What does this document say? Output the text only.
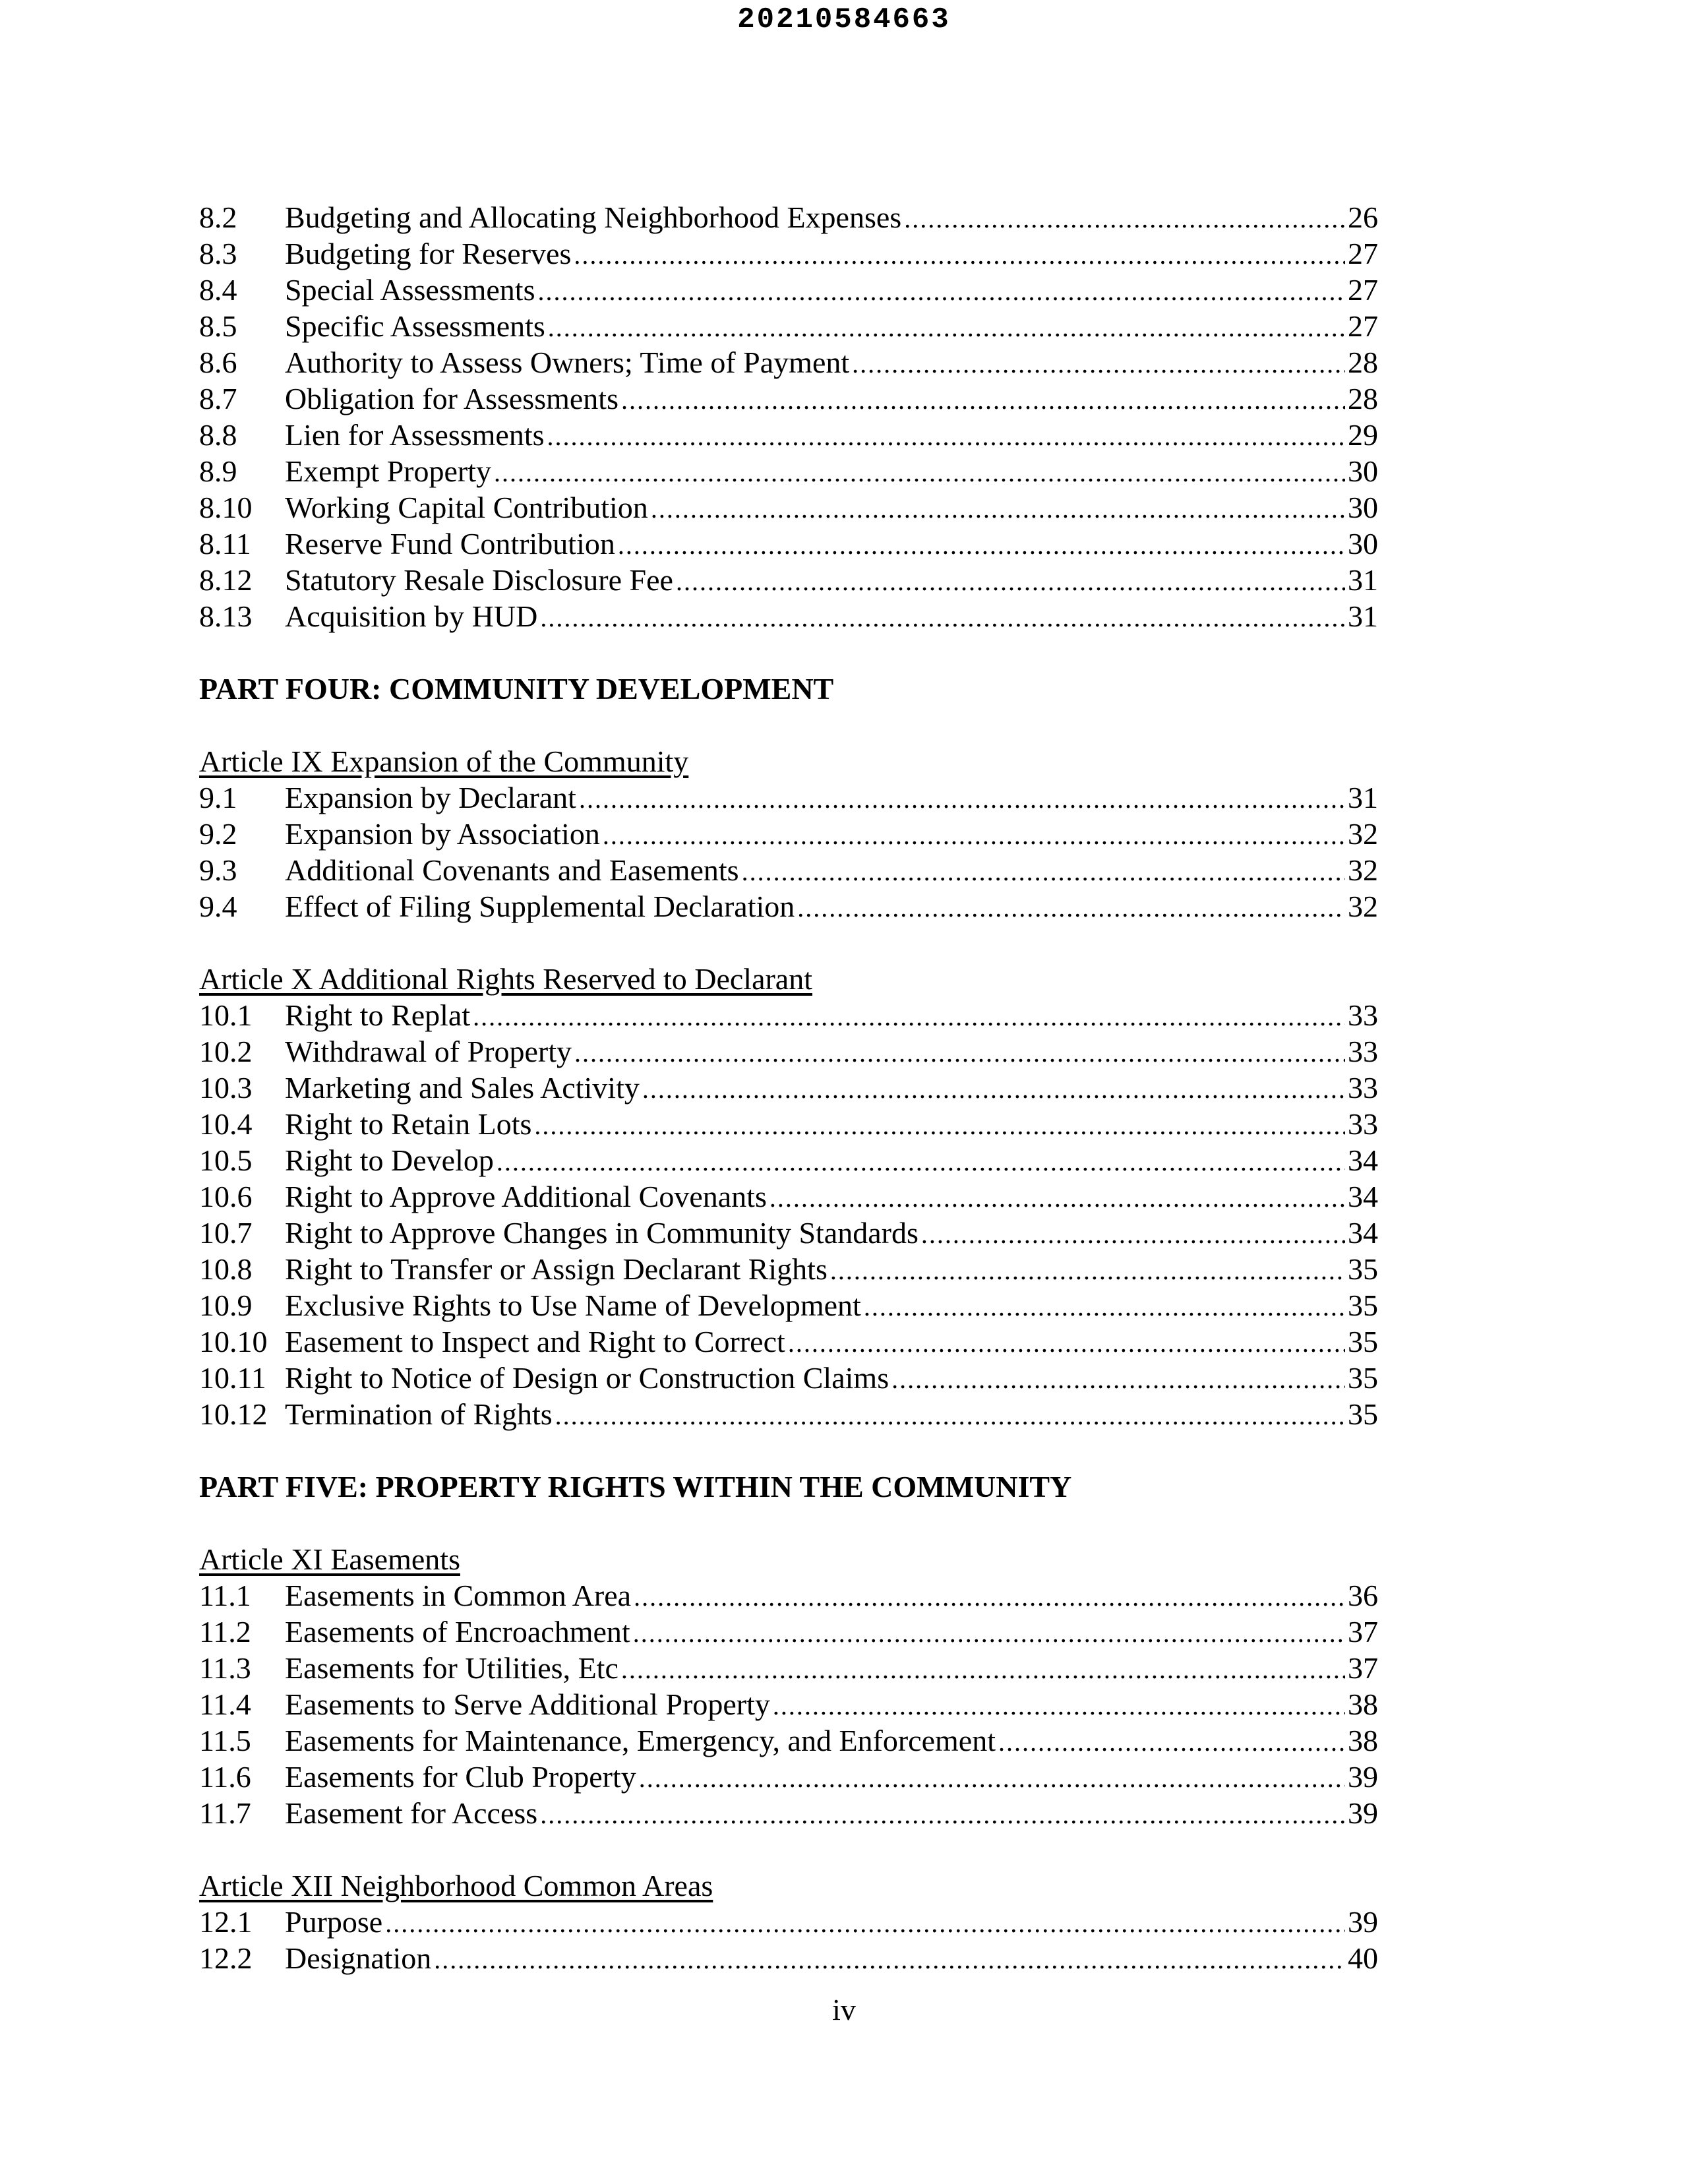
20210584663
8.2	Budgeting and Allocating Neighborhood Expenses .....	26
8.3	Budgeting for Reserves .....	27
8.4	Special Assessments .....	27
8.5	Specific Assessments .....	27
8.6	Authority to Assess Owners; Time of Payment .....	28
8.7	Obligation for Assessments .....	28
8.8	Lien for Assessments .....	29
8.9	Exempt Property .....	30
8.10	Working Capital Contribution .....	30
8.11	Reserve Fund Contribution .....	30
8.12	Statutory Resale Disclosure Fee .....	31
8.13	Acquisition by HUD .....	31
PART FOUR: COMMUNITY DEVELOPMENT
Article IX Expansion of the Community
9.1	Expansion by Declarant .....	31
9.2	Expansion by Association .....	32
9.3	Additional Covenants and Easements .....	32
9.4	Effect of Filing Supplemental Declaration .....	32
Article X Additional Rights Reserved to Declarant
10.1	Right to Replat .....	33
10.2	Withdrawal of Property .....	33
10.3	Marketing and Sales Activity .....	33
10.4	Right to Retain Lots .....	33
10.5	Right to Develop .....	34
10.6	Right to Approve Additional Covenants .....	34
10.7	Right to Approve Changes in Community Standards .....	34
10.8	Right to Transfer or Assign Declarant Rights .....	35
10.9	Exclusive Rights to Use Name of Development .....	35
10.10 Easement to Inspect and Right to Correct .....	35
10.11 Right to Notice of Design or Construction Claims .....	35
10.12 Termination of Rights .....	35
PART FIVE: PROPERTY RIGHTS WITHIN THE COMMUNITY
Article XI Easements
11.1	Easements in Common Area .....	36
11.2	Easements of Encroachment .....	37
11.3	Easements for Utilities, Etc .....	37
11.4	Easements to Serve Additional Property .....	38
11.5	Easements for Maintenance, Emergency, and Enforcement .....	38
11.6	Easements for Club Property .....	39
11.7	Easement for Access .....	39
Article XII Neighborhood Common Areas
12.1	Purpose .....	39
12.2	Designation .....	40
iv
